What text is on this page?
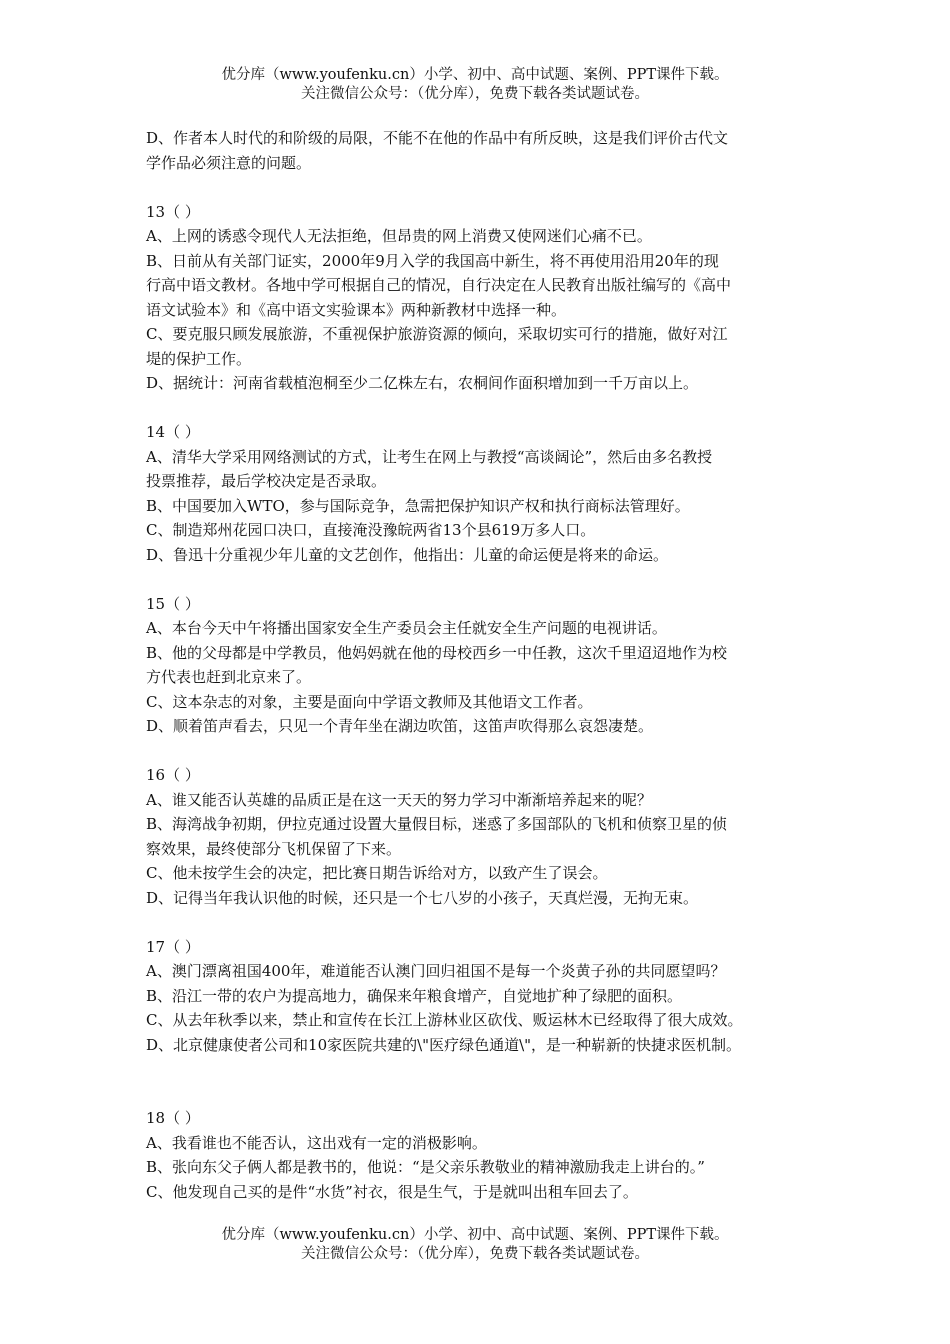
优分库（www.youfenku.cn）小学、初中、高中试题、案例、PPT课件下载。
关注微信公众号：（优分库），免费下载各类试题试卷。

D、作者本人时代的和阶级的局限，不能不在他的作品中有所反映，这是我们评价古代文

学作品必须注意的问题。

13（ ）

A、上网的诱惑令现代人无法拒绝，但昂贵的网上消费又使网迷们心痛不已。

B、日前从有关部门证实，2000年9月入学的我国高中新生，将不再使用沿用20年的现

行高中语文教材。各地中学可根据自己的情况，自行决定在人民教育出版社编写的《高中

语文试验本》和《高中语文实验课本》两种新教材中选择一种。

C、要克服只顾发展旅游，不重视保护旅游资源的倾向，采取切实可行的措施，做好对江

堤的保护工作。

D、据统计：河南省载植泡桐至少二亿株左右，农桐间作面积增加到一千万亩以上。

14（ ）

A、清华大学采用网络测试的方式，让考生在网上与教授“高谈阔论”，然后由多名教授

投票推荐，最后学校决定是否录取。

B、中国要加入WTO，参与国际竞争，急需把保护知识产权和执行商标法管理好。

C、制造郑州花园口决口，直接淹没豫皖两省13个县619万多人口。

D、鲁迅十分重视少年儿童的文艺创作，他指出：儿童的命运便是将来的命运。

15（ ）

A、本台今天中午将播出国家安全生产委员会主任就安全生产问题的电视讲话。

B、他的父母都是中学教员，他妈妈就在他的母校西乡一中任教，这次千里迢迢地作为校

方代表也赶到北京来了。

C、这本杂志的对象，主要是面向中学语文教师及其他语文工作者。

D、顺着笛声看去，只见一个青年坐在湖边吹笛，这笛声吹得那么哀怨凄楚。

16（ ）

A、谁又能否认英雄的品质正是在这一天天的努力学习中渐渐培养起来的呢？

B、海湾战争初期，伊拉克通过设置大量假目标，迷惑了多国部队的飞机和侦察卫星的侦

察效果，最终使部分飞机保留了下来。

C、他未按学生会的决定，把比赛日期告诉给对方，以致产生了误会。

D、记得当年我认识他的时候，还只是一个七八岁的小孩子，天真烂漫，无拘无束。

17（ ）

A、澳门漂离祖国400年，难道能否认澳门回归祖国不是每一个炎黄子孙的共同愿望吗？

B、沿江一带的农户为提高地力，确保来年粮食增产，自觉地扩种了绿肥的面积。

C、从去年秋季以来，禁止和宣传在长江上游林业区砍伐、贩运林木已经取得了很大成效。

D、北京健康使者公司和10家医院共建的\"医疗绿色通道\"，是一种崭新的快捷求医机制。

18（ ）

A、我看谁也不能否认，这出戏有一定的消极影响。

B、张向东父子俩人都是教书的，他说：“是父亲乐教敬业的精神激励我走上讲台的。”

C、他发现自己买的是件“水货”衬衣，很是生气，于是就叫出租车回去了。

优分库（www.youfenku.cn）小学、初中、高中试题、案例、PPT课件下载。
关注微信公众号：（优分库），免费下载各类试题试卷。
